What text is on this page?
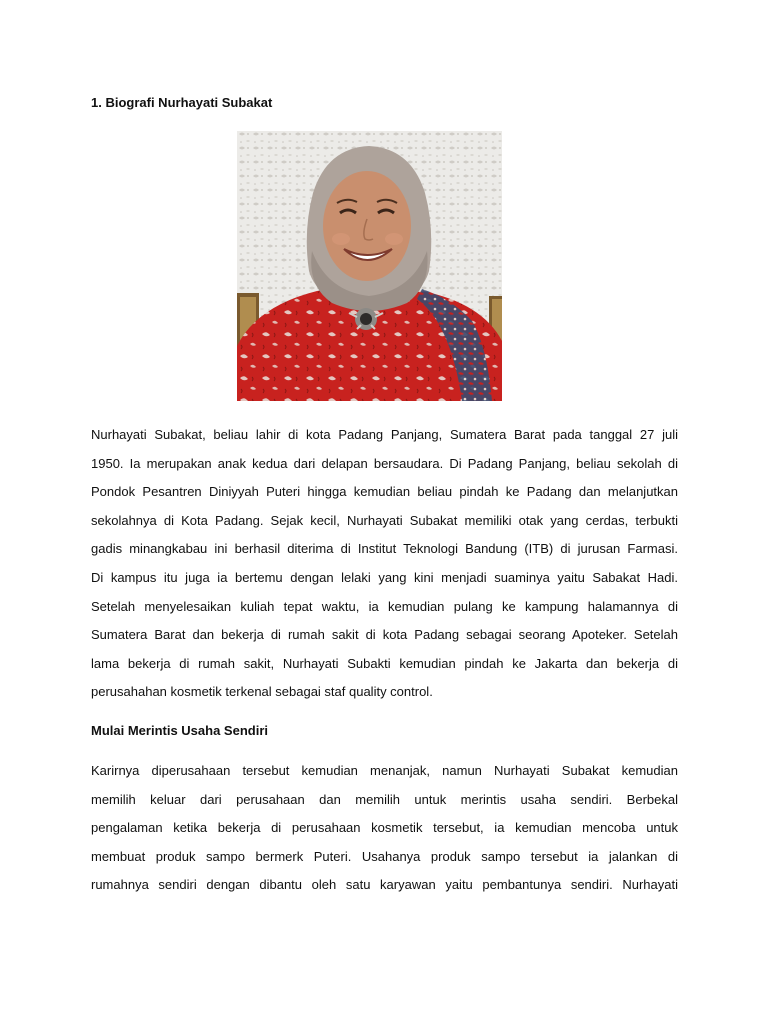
1. Biografi Nurhayati Subakat
Nurhayati Subakat, beliau lahir di kota Padang Panjang, Sumatera Barat pada tanggal 27 juli
1950. Ia merupakan anak kedua dari delapan bersaudara. Di Padang Panjang, beliau sekolah di
Pondok Pesantren Diniyyah Puteri hingga kemudian beliau pindah ke Padang dan melanjutkan
sekolahnya di Kota Padang. Sejak kecil, Nurhayati Subakat memiliki otak yang cerdas, terbukti
gadis minangkabau ini berhasil diterima di Institut Teknologi Bandung (ITB) di jurusan Farmasi.
Di kampus itu juga ia bertemu dengan lelaki yang kini menjadi suaminya yaitu Sabakat Hadi.
Setelah menyelesaikan kuliah tepat waktu, ia kemudian pulang ke kampung halamannya di
Sumatera Barat dan bekerja di rumah sakit di kota Padang sebagai seorang Apoteker. Setelah
lama bekerja di rumah sakit, Nurhayati Subakti kemudian pindah ke Jakarta dan bekerja di
perusahahan kosmetik terkenal sebagai staf quality control.
Mulai Merintis Usaha Sendiri
Karirnya diperusahaan tersebut kemudian menanjak, namun Nurhayati Subakat kemudian
memilih keluar dari perusahaan dan memilih untuk merintis usaha sendiri. Berbekal
pengalaman ketika bekerja di perusahaan kosmetik tersebut, ia kemudian mencoba untuk
membuat produk sampo bermerk Puteri. Usahanya produk sampo tersebut ia jalankan di
rumahnya sendiri dengan dibantu oleh satu karyawan yaitu pembantunya sendiri. Nurhayati
